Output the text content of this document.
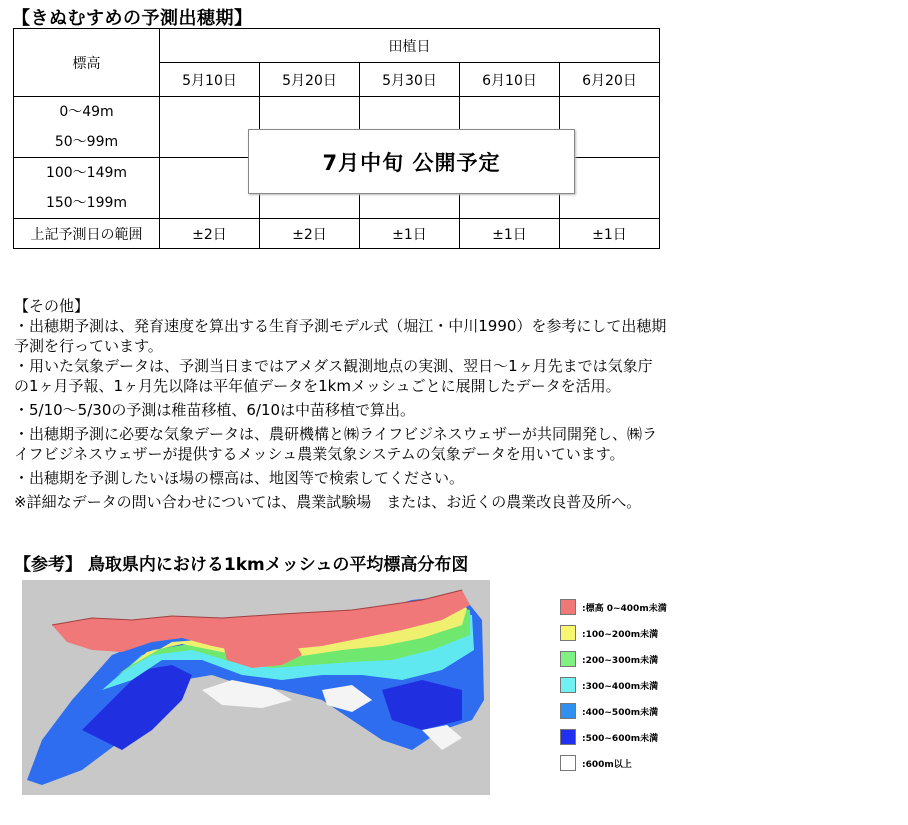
【きぬむすめの予測出穂期】
標高	田植日				
	5月10日	5月20日	5月30日	6月10日	6月20日

0～49m
50～99m					

100～149m
150～199m					

上記予測日の範囲	±2日	±2日	±1日	±1日	±1日
7月中旬 公開予定

【その他】

・出穂期予測は、発育速度を算出する生育予測モデル式（堀江・中川1990）を参考にして出穂期

予測を行っています。

・用いた気象データは、予測当日まではアメダス観測地点の実測、翌日～1ヶ月先までは気象庁

の1ヶ月予報、1ヶ月先以降は平年値データを1kmメッシュごとに展開したデータを活用。

・5/10～5/30の予測は稚苗移植、6/10は中苗移植で算出。

・出穂期予測に必要な気象データは、農研機構と㈱ライフビジネスウェザーが共同開発し、㈱ラ

イフビジネスウェザーが提供するメッシュ農業気象システムの気象データを用いています。

・出穂期を予測したいほ場の標高は、地図等で検索してください。

※詳細なデータの問い合わせについては、農業試験場　または、お近くの農業改良普及所へ。

【参考】 鳥取県内における1kmメッシュの平均標高分布図
:標高 0~400m未満
:100~200m未満
:200~300m未満
:300~400m未満
:400~500m未満
:500~600m未満
:600m以上
